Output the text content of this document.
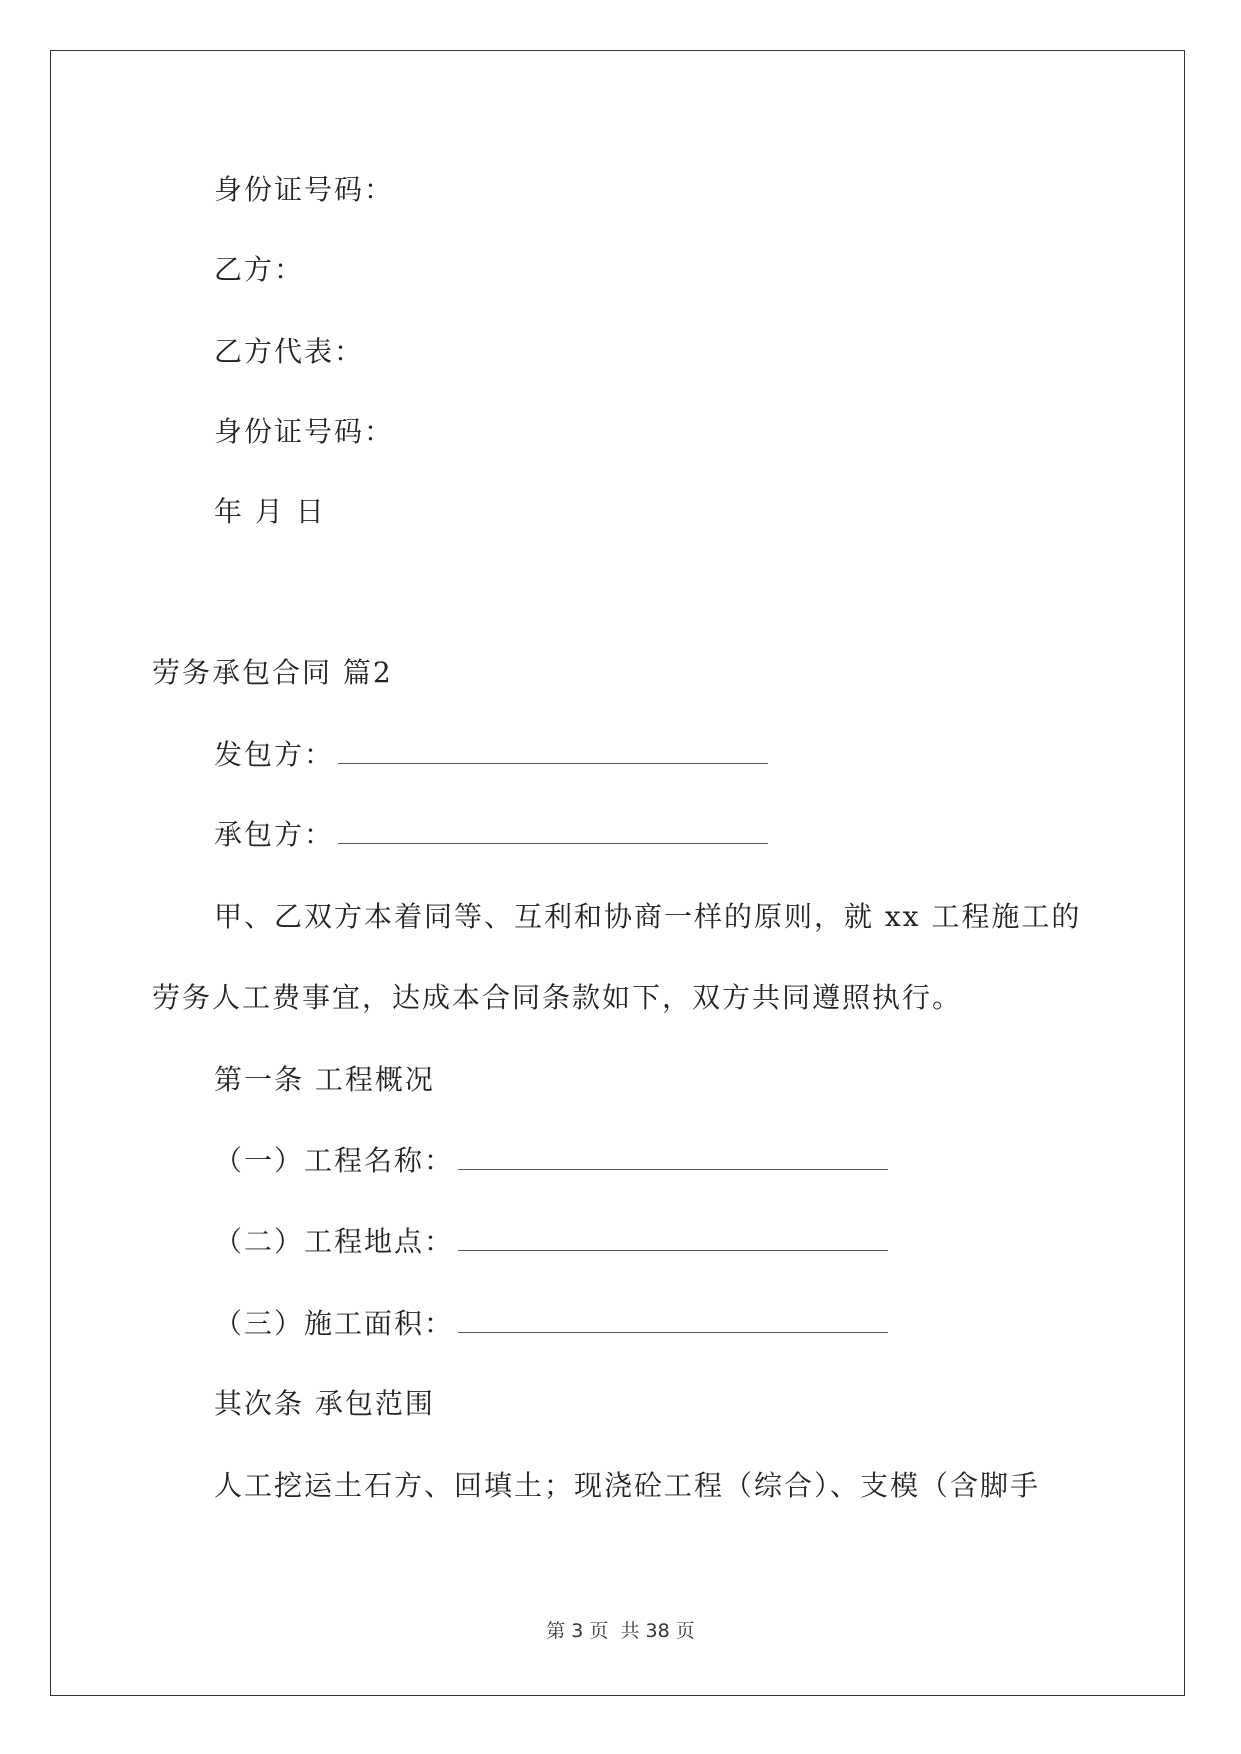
身份证号码：
乙方：
乙方代表：
身份证号码：
年 月 日
劳务承包合同 篇2
发包方：
承包方：
甲、乙双方本着同等、互利和协商一样的原则，就 xx 工程施工的
劳务人工费事宜，达成本合同条款如下，双方共同遵照执行。
第一条 工程概况
（一）工程名称：
（二）工程地点：
（三）施工面积：
其次条 承包范围
人工挖运土石方、回填土；现浇砼工程（综合）、支模（含脚手
第 3 页 共 38 页
